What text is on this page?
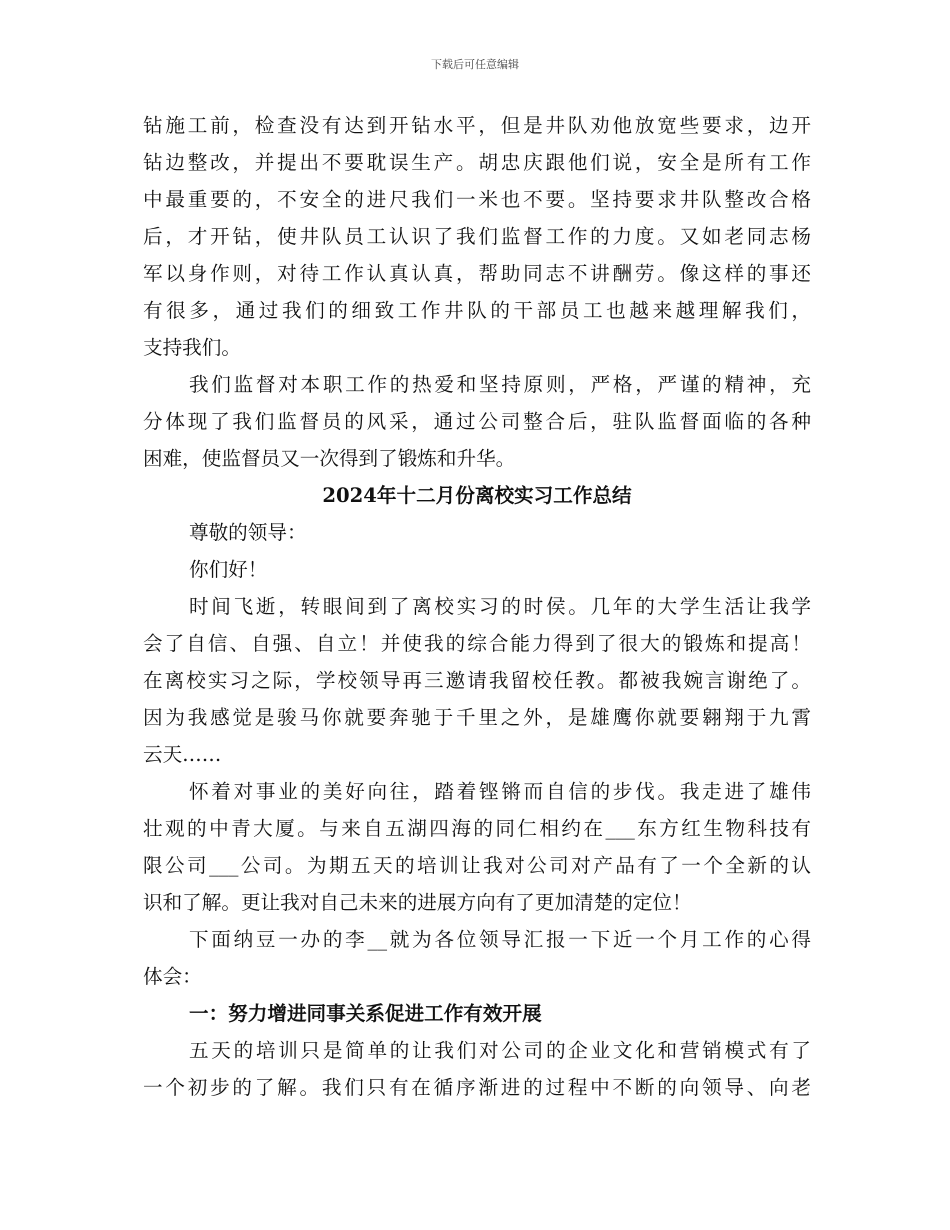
下载后可任意编辑
钻施工前，检查没有达到开钻水平，但是井队劝他放宽些要求，边开
钻边整改，并提出不要耽误生产。胡忠庆跟他们说，安全是所有工作
中最重要的，不安全的进尺我们一米也不要。坚持要求井队整改合格
后，才开钻，使井队员工认识了我们监督工作的力度。又如老同志杨
军以身作则，对待工作认真认真，帮助同志不讲酬劳。像这样的事还
有很多，通过我们的细致工作井队的干部员工也越来越理解我们，
支持我们。
我们监督对本职工作的热爱和坚持原则，严格，严谨的精神，充
分体现了我们监督员的风采，通过公司整合后，驻队监督面临的各种
困难，使监督员又一次得到了锻炼和升华。
2024年十二月份离校实习工作总结
尊敬的领导：
你们好！
时间飞逝，转眼间到了离校实习的时侯。几年的大学生活让我学
会了自信、自强、自立！并使我的综合能力得到了很大的锻炼和提高！
在离校实习之际，学校领导再三邀请我留校任教。都被我婉言谢绝了。
因为我感觉是骏马你就要奔驰于千里之外，是雄鹰你就要翱翔于九霄
云天……
怀着对事业的美好向往，踏着铿锵而自信的步伐。我走进了雄伟
壮观的中青大厦。与来自五湖四海的同仁相约在___东方红生物科技有
限公司___公司。为期五天的培训让我对公司对产品有了一个全新的认
识和了解。更让我对自己未来的进展方向有了更加清楚的定位！
下面纳豆一办的李__就为各位领导汇报一下近一个月工作的心得
体会：
一：努力增进同事关系促进工作有效开展
五天的培训只是简单的让我们对公司的企业文化和营销模式有了
一个初步的了解。我们只有在循序渐进的过程中不断的向领导、向老
